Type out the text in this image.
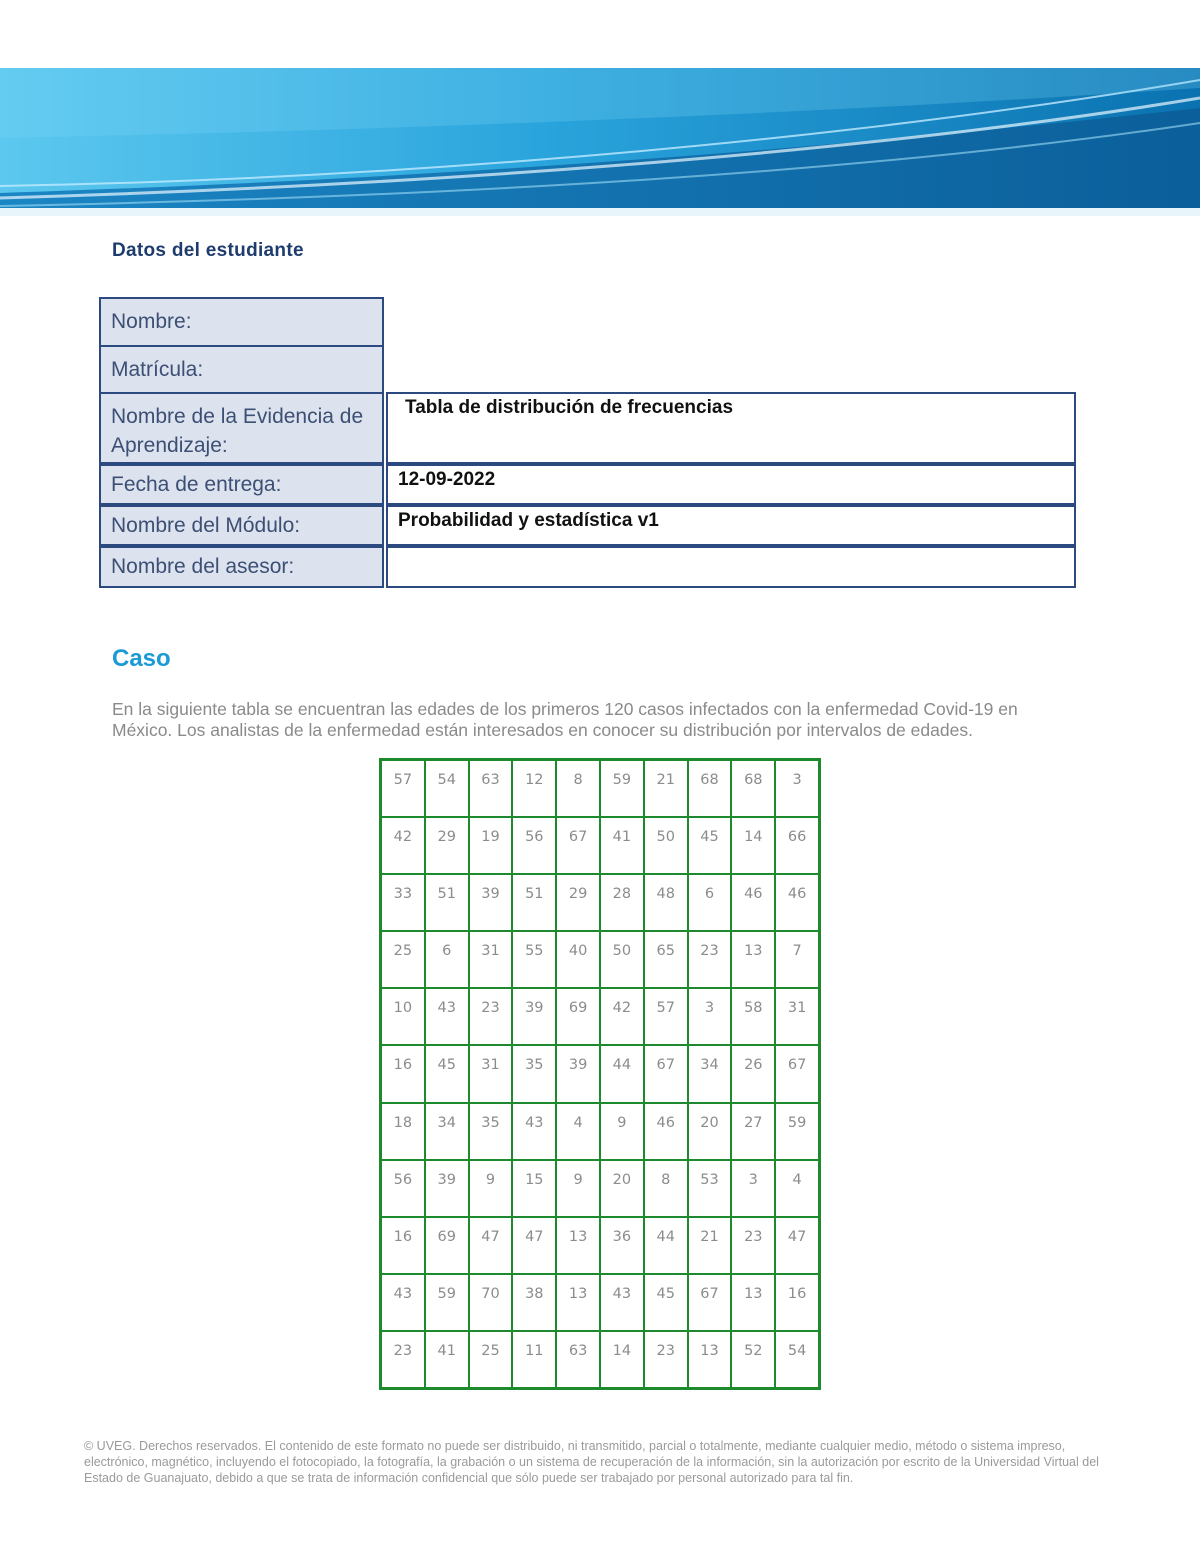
Datos del estudiante
Nombre:
Matrícula:
Nombre de la Evidencia de Aprendizaje:
Tabla de distribución de frecuencias
Fecha de entrega:	12-09-2022
Nombre del Módulo:	Probabilidad y estadística v1
Nombre del asesor:
Caso
En la siguiente tabla se encuentran las edades de los primeros 120 casos infectados con la enfermedad Covid-19 en México. Los analistas de la enfermedad están interesados en conocer su distribución por intervalos de edades.
57	54	63	12	8	59	21	68	68	3
42	29	19	56	67	41	50	45	14	66
33	51	39	51	29	28	48	6	46	46
25	6	31	55	40	50	65	23	13	7
10	43	23	39	69	42	57	3	58	31
16	45	31	35	39	44	67	34	26	67
18	34	35	43	4	9	46	20	27	59
56	39	9	15	9	20	8	53	3	4
16	69	47	47	13	36	44	21	23	47
43	59	70	38	13	43	45	67	13	16
23	41	25	11	63	14	23	13	52	54
© UVEG. Derechos reservados. El contenido de este formato no puede ser distribuido, ni transmitido, parcial o totalmente, mediante cualquier medio, método o sistema impreso, electrónico, magnético, incluyendo el fotocopiado, la fotografía, la grabación o un sistema de recuperación de la información, sin la autorización por escrito de la Universidad Virtual del Estado de Guanajuato, debido a que se trata de información confidencial que sólo puede ser trabajado por personal autorizado para tal fin.
